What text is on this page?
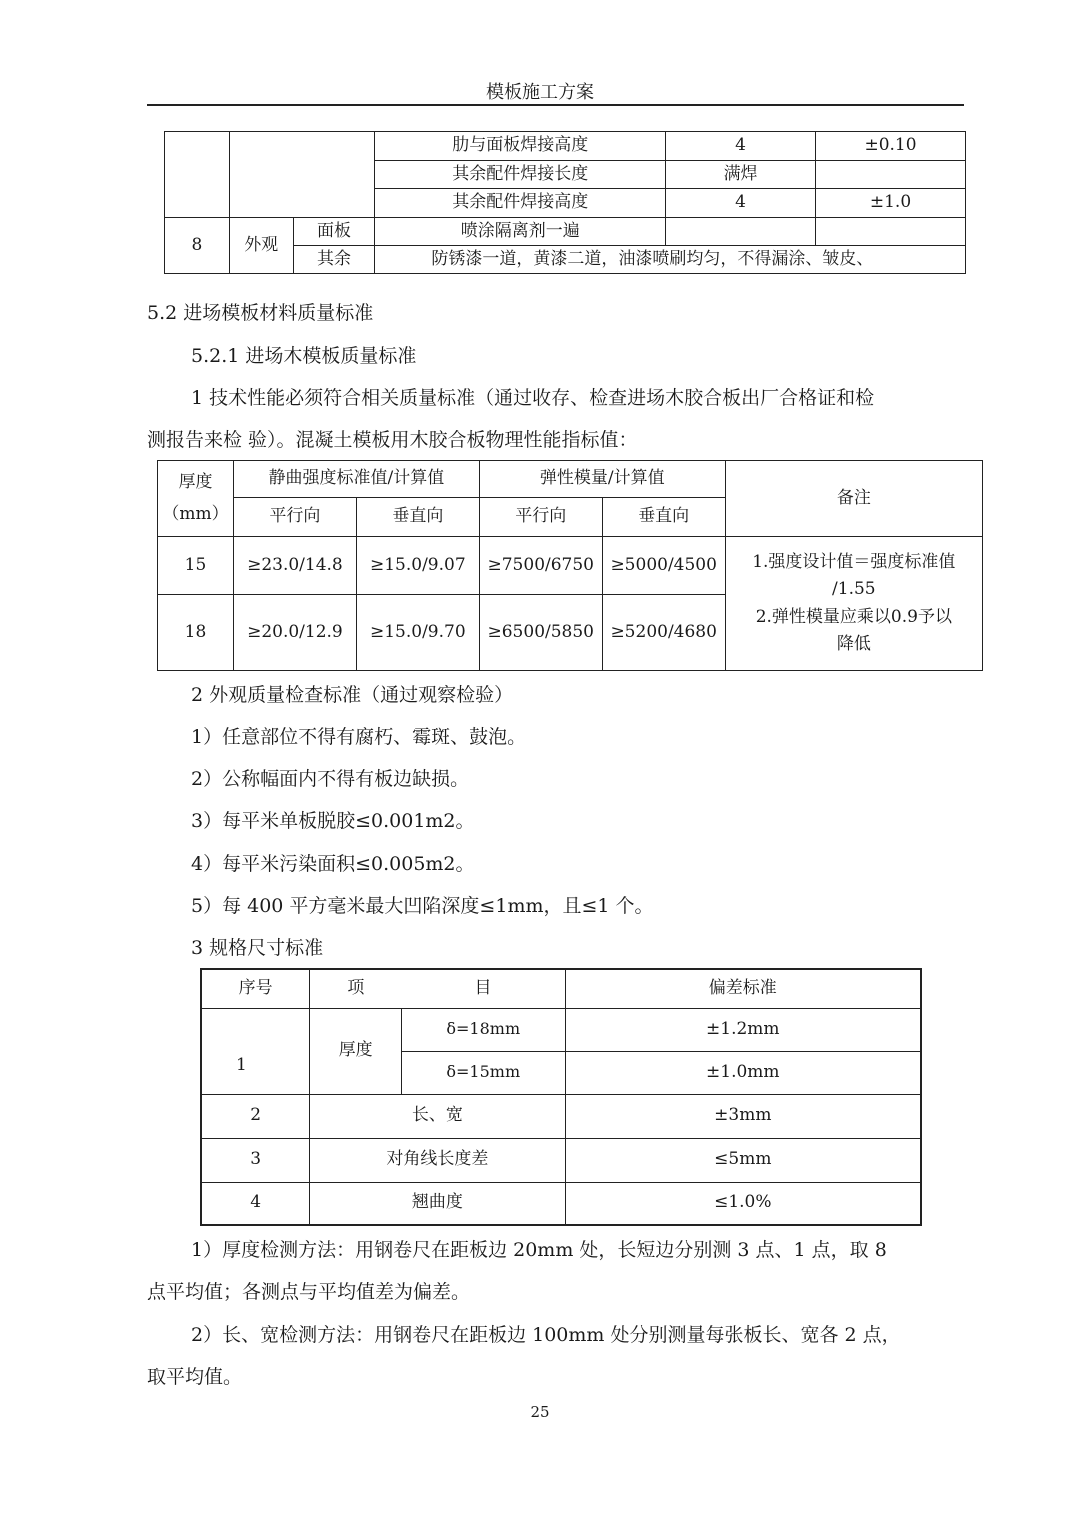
模板施工方案
			肋与面板焊接高度	4	±0.10
			其余配件焊接长度	满焊	
			其余配件焊接高度	4	±1.0
8	外观	面板	喷涂隔离剂一遍		
		其余	防锈漆一道，黄漆二道，油漆喷刷均匀，不得漏涂、皱皮、		
5.2 进场模板材料质量标准
5.2.1 进场木模板质量标准
1 技术性能必须符合相关质量标准（通过收存、检查进场木胶合板出厂合格证和检
测报告来检 验）。混凝土模板用木胶合板物理性能指标值：
厚度
（mm）	静曲强度标准值/计算值		弹性模量/计算值		备注
	平行向	垂直向	平行向	垂直向	
15	≥23.0/14.8	≥15.0/9.07	≥7500/6750	≥5000/4500	1.强度设计值＝强度标准值
/1.55
2.弹性模量应乘以0.9予以
降低

18	≥20.0/12.9	≥15.0/9.70	≥6500/5850	≥5200/4680	
2 外观质量检查标准（通过观察检验）
1）任意部位不得有腐朽、霉斑、鼓泡。
2）公称幅面内不得有板边缺损。
3）每平米单板脱胶≤0.001m2。
4）每平米污染面积≤0.005m2。
5）每 400 平方毫米最大凹陷深度≤1mm，且≤1 个。
3 规格尺寸标准
序号	项	目	偏差标准
1	厚度	δ=18mm	±1.2mm
		δ=15mm	±1.0mm
2	长、宽		±3mm
3	对角线长度差		≤5mm
4	翘曲度		≤1.0%
1）厚度检测方法：用钢卷尺在距板边 20mm 处，长短边分别测 3 点、1 点，取 8
点平均值；各测点与平均值差为偏差。
2）长、宽检测方法：用钢卷尺在距板边 100mm 处分别测量每张板长、宽各 2 点，
取平均值。
25
